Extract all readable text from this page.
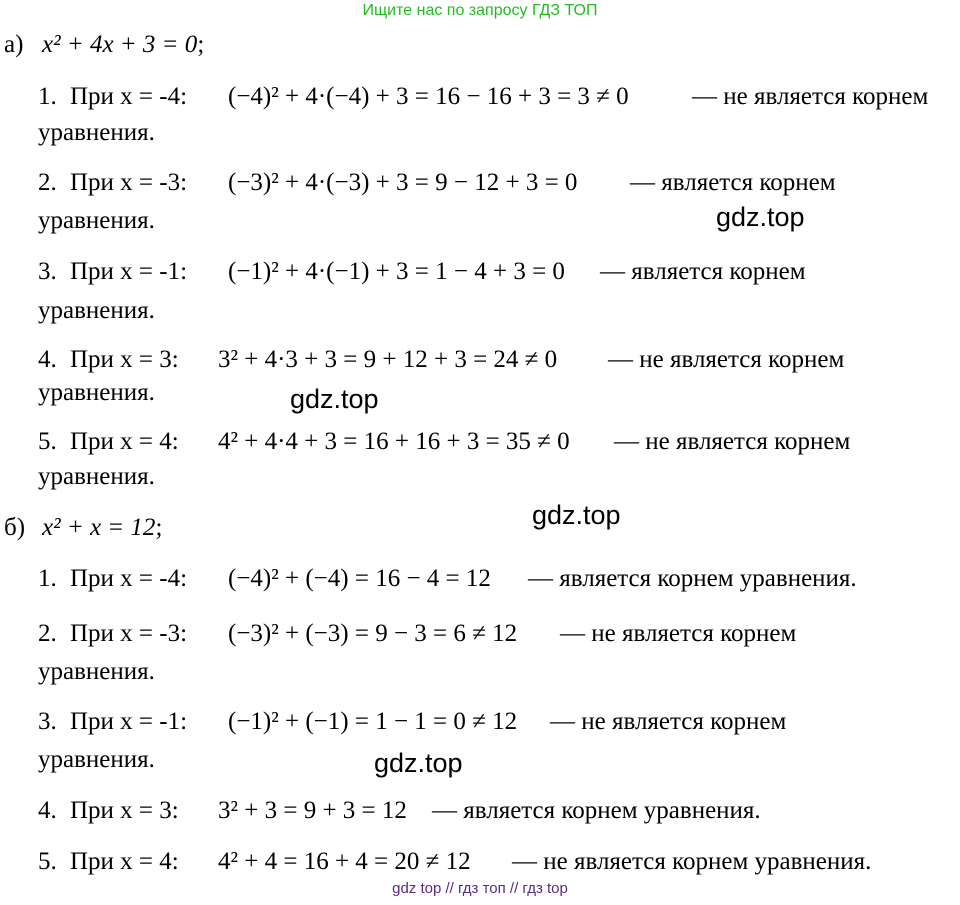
Ищите нас по запросу ГДЗ ТОП
а) x² + 4x + 3 = 0;
1. При x = -4: (−4)² + 4·(−4) + 3 = 16 − 16 + 3 = 3 ≠ 0	— не является корнем
уравнения.
2. При x = -3: (−3)² + 4·(−3) + 3 = 9 − 12 + 3 = 0 — является корнем
уравнения.
3. При x = -1: (−1)² + 4·(−1) + 3 = 1 − 4 + 3 = 0 — является корнем
уравнения.
4. При x = 3: 3² + 4·3 + 3 = 9 + 12 + 3 = 24 ≠ 0 — не является корнем
уравнения.
5. При x = 4: 4² + 4·4 + 3 = 16 + 16 + 3 = 35 ≠ 0 — не является корнем
уравнения.
б) x² + x = 12;
1. При x = -4: (−4)² + (−4) = 16 − 4 = 12 — является корнем уравнения.
2. При x = -3: (−3)² + (−3) = 9 − 3 = 6 ≠ 12 — не является корнем
уравнения.
3. При x = -1: (−1)² + (−1) = 1 − 1 = 0 ≠ 12 — не является корнем
уравнения.
4. При x = 3: 3² + 3 = 9 + 3 = 12 — является корнем уравнения.
5. При x = 4: 4² + 4 = 16 + 4 = 20 ≠ 12 — не является корнем уравнения.
gdz.top
gdz.top
gdz.top
gdz.top
gdz top // гдз топ // гдз top
